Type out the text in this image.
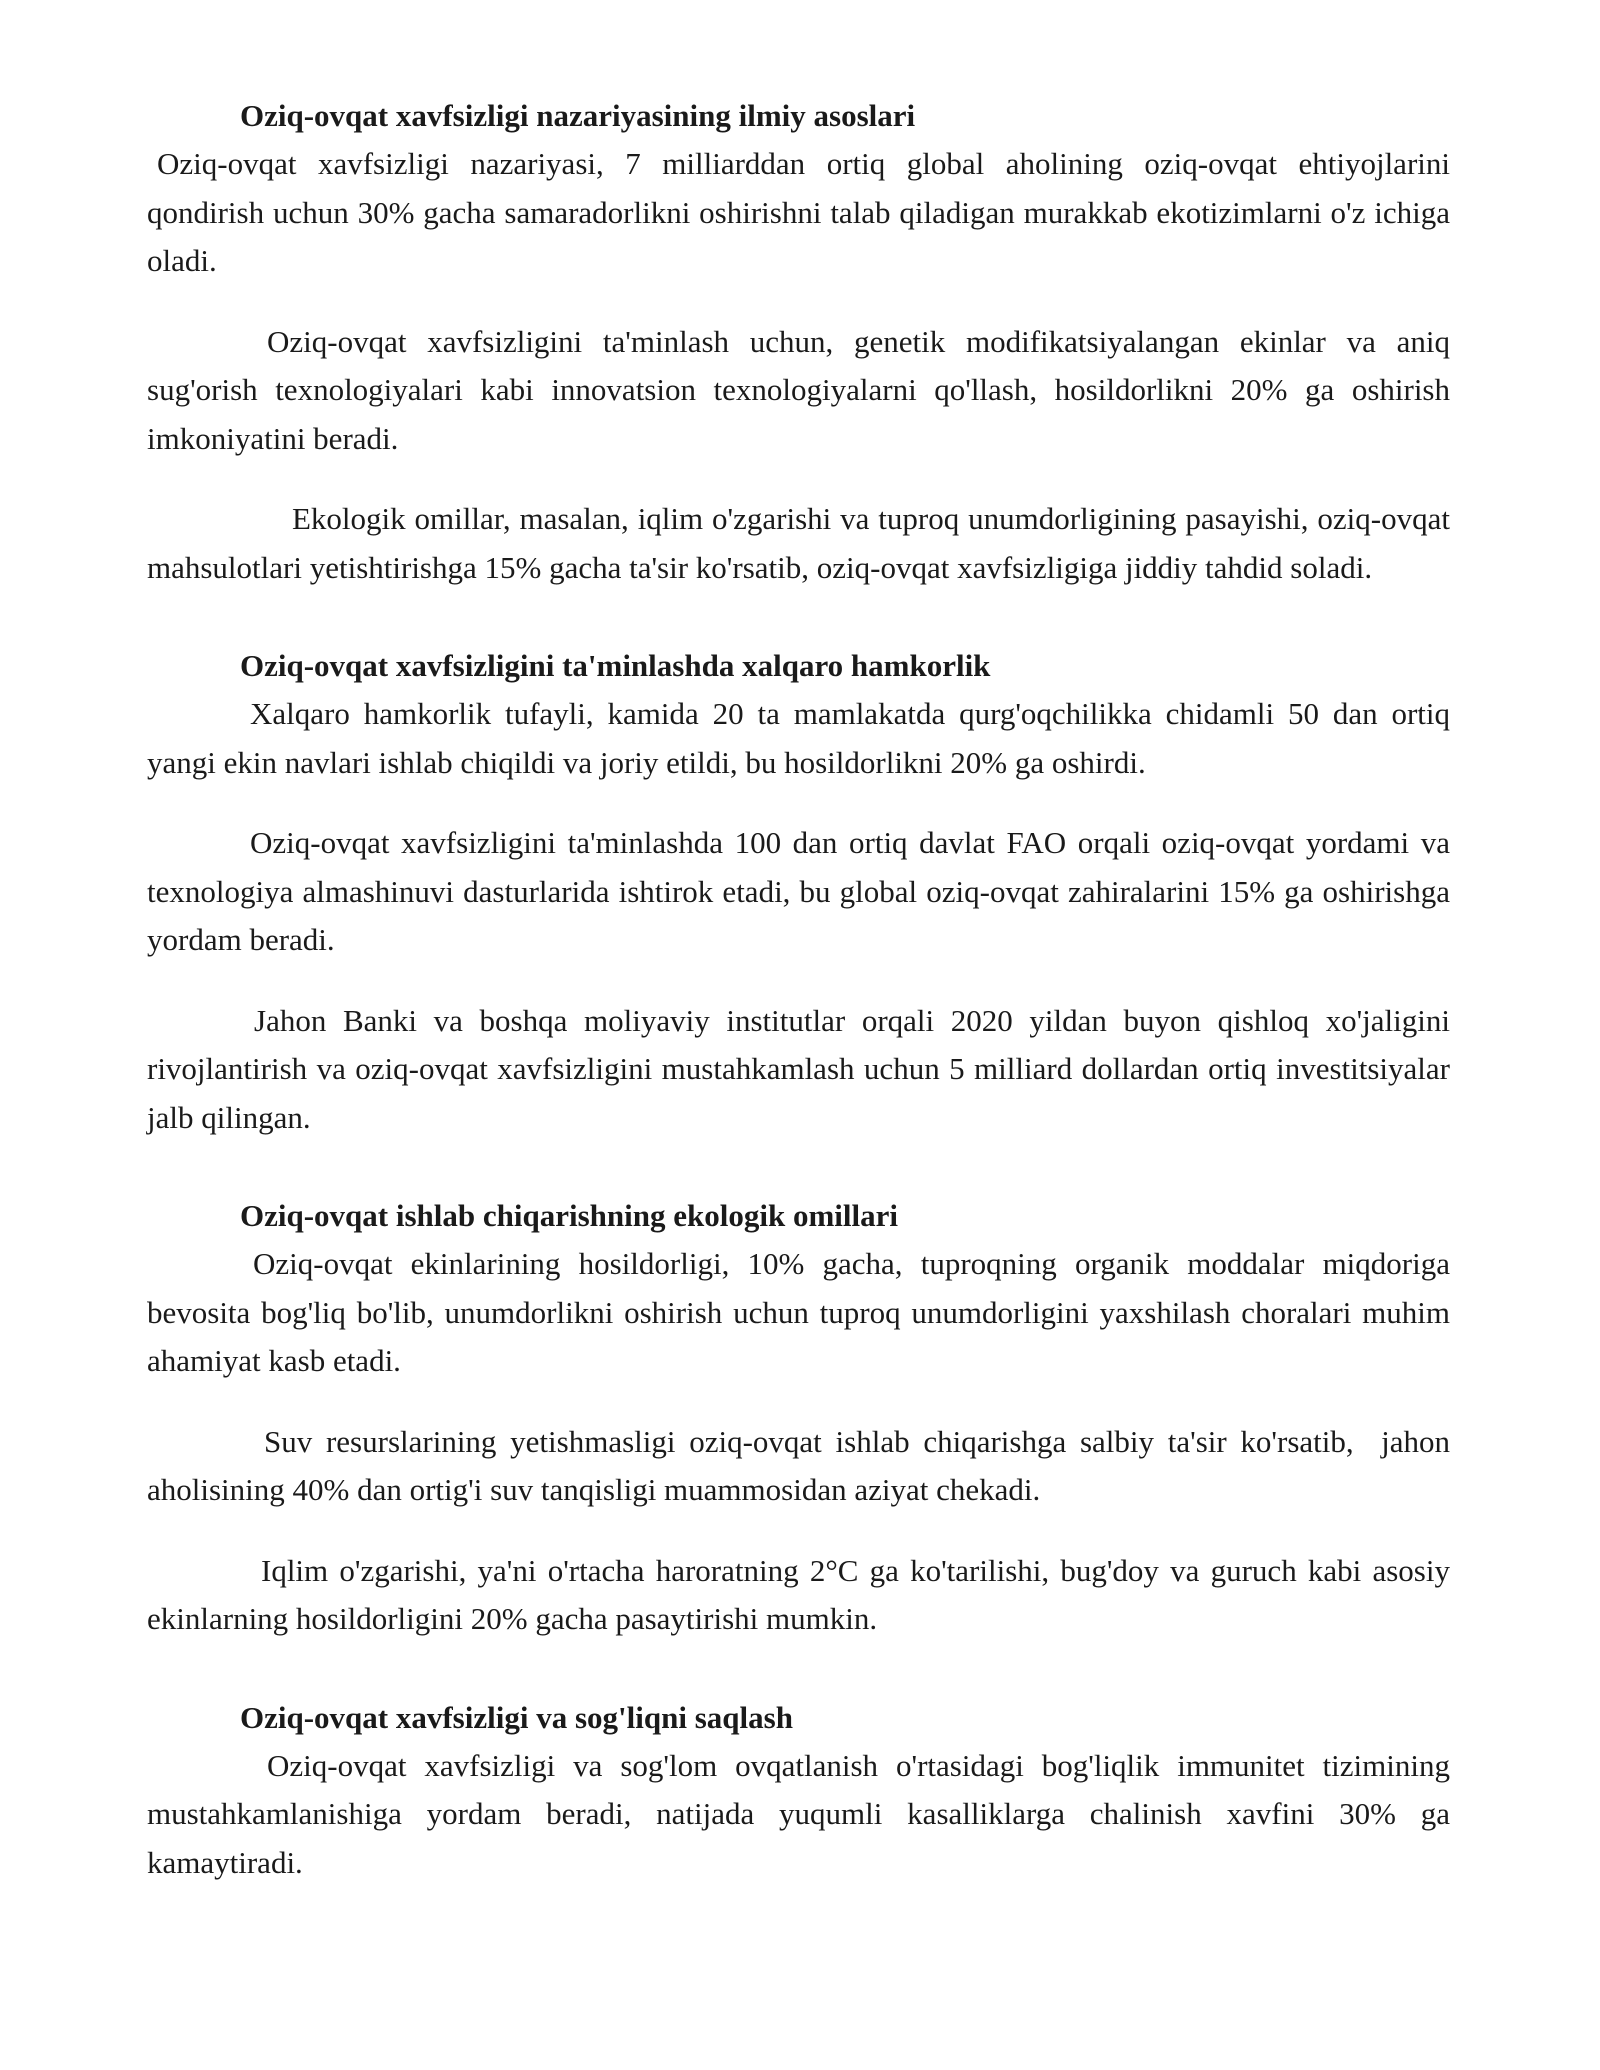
Oziq-ovqat xavfsizligi nazariyasining ilmiy asoslari

Oziq-ovqat xavfsizligi nazariyasi, 7 milliarddan ortiq global aholining oziq-ovqat ehtiyojlarini qondirish uchun 30% gacha samaradorlikni oshirishni talab qiladigan murakkab ekotizimlarni o'z ichiga oladi.

Oziq-ovqat xavfsizligini ta'minlash uchun, genetik modifikatsiyalangan ekinlar va aniq sug'orish texnologiyalari kabi innovatsion texnologiyalarni qo'llash, hosildorlikni 20% ga oshirish imkoniyatini beradi.

Ekologik omillar, masalan, iqlim o'zgarishi va tuproq unumdorligining pasayishi, oziq-ovqat mahsulotlari yetishtirishga 15% gacha ta'sir ko'rsatib, oziq-ovqat xavfsizligiga jiddiy tahdid soladi.

Oziq-ovqat xavfsizligini ta'minlashda xalqaro hamkorlik

Xalqaro hamkorlik tufayli, kamida 20 ta mamlakatda qurg'oqchilikka chidamli 50 dan ortiq yangi ekin navlari ishlab chiqildi va joriy etildi, bu hosildorlikni 20% ga oshirdi.

Oziq-ovqat xavfsizligini ta'minlashda 100 dan ortiq davlat FAO orqali oziq-ovqat yordami va texnologiya almashinuvi dasturlarida ishtirok etadi, bu global oziq-ovqat zahiralarini 15% ga oshirishga yordam beradi.

Jahon Banki va boshqa moliyaviy institutlar orqali 2020 yildan buyon qishloq xo'jaligini rivojlantirish va oziq-ovqat xavfsizligini mustahkamlash uchun 5 milliard dollardan ortiq investitsiyalar jalb qilingan.

Oziq-ovqat ishlab chiqarishning ekologik omillari

Oziq-ovqat ekinlarining hosildorligi, 10% gacha, tuproqning organik moddalar miqdoriga bevosita bog'liq bo'lib, unumdorlikni oshirish uchun tuproq unumdorligini yaxshilash choralari muhim ahamiyat kasb etadi.

Suv resurslarining yetishmasligi oziq-ovqat ishlab chiqarishga salbiy ta'sir ko'rsatib,  jahon aholisining 40% dan ortig'i suv tanqisligi muammosidan aziyat chekadi.

Iqlim o'zgarishi, ya'ni o'rtacha haroratning 2°C ga ko'tarilishi, bug'doy va guruch kabi asosiy ekinlarning hosildorligini 20% gacha pasaytirishi mumkin.

Oziq-ovqat xavfsizligi va sog'liqni saqlash

Oziq-ovqat xavfsizligi va sog'lom ovqatlanish o'rtasidagi bog'liqlik immunitet tizimining mustahkamlanishiga yordam beradi, natijada yuqumli kasalliklarga chalinish xavfini 30% ga kamaytiradi.
